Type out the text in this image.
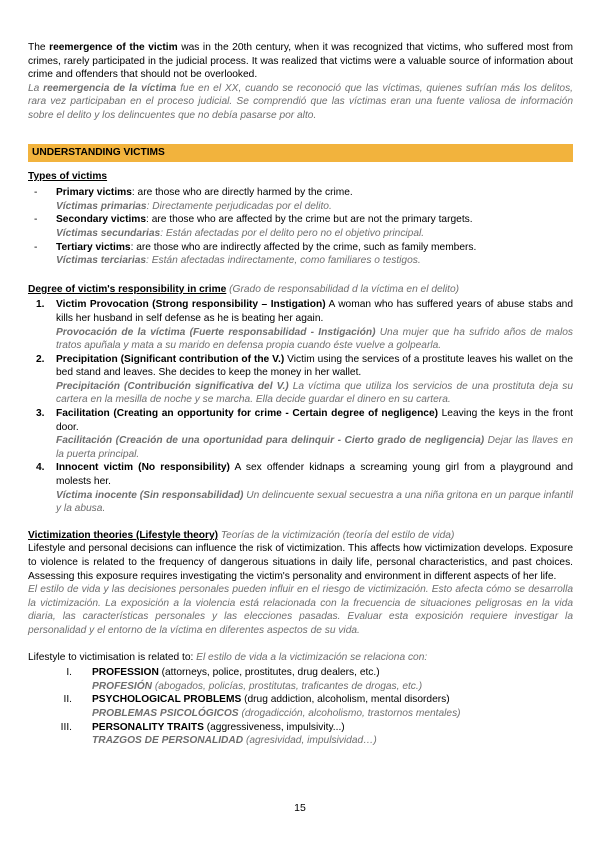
The reemergence of the victim was in the 20th century, when it was recognized that victims, who suffered most from crimes, rarely participated in the judicial process. It was realized that victims were a valuable source of information about crime and offenders that should not be overlooked.

La reemergencia de la víctima fue en el XX, cuando se reconoció que las víctimas, quienes sufrían más los delitos, rara vez participaban en el proceso judicial. Se comprendió que las víctimas eran una fuente valiosa de información sobre el delito y los delincuentes que no debía pasarse por alto.

UNDERSTANDING VICTIMS

Types of victims

- Primary victims: are those who are directly harmed by the crime.
Víctimas primarias: Directamente perjudicadas por el delito.
- Secondary victims: are those who are affected by the crime but are not the primary targets.
Víctimas secundarias: Están afectadas por el delito pero no el objetivo principal.
- Tertiary victims: are those who are indirectly affected by the crime, such as family members.
Víctimas terciarias: Están afectadas indirectamente, como familiares o testigos.

Degree of victim's responsibility in crime (Grado de responsabilidad d la víctima en el delito)

1. Victim Provocation (Strong responsibility – Instigation) A woman who has suffered years of abuse stabs and kills her husband in self defense as he is beating her again.
Provocación de la víctima (Fuerte responsabilidad - Instigación) Una mujer que ha sufrido años de malos tratos apuñala y mata a su marido en defensa propia cuando éste vuelve a golpearla.
2. Precipitation (Significant contribution of the V.) Victim using the services of a prostitute leaves his wallet on the bed stand and leaves. She decides to keep the money in her wallet.
Precipitación (Contribución significativa del V.) La víctima que utiliza los servicios de una prostituta deja su cartera en la mesilla de noche y se marcha. Ella decide guardar el dinero en su cartera.
3. Facilitation (Creating an opportunity for crime - Certain degree of negligence) Leaving the keys in the front door.
Facilitación (Creación de una oportunidad para delinquir - Cierto grado de negligencia) Dejar las llaves en la puerta principal.
4. Innocent victim (No responsibility) A sex offender kidnaps a screaming young girl from a playground and molests her.
Víctima inocente (Sin responsabilidad) Un delincuente sexual secuestra a una niña gritona en un parque infantil y la abusa.

Victimization theories (Lifestyle theory) Teorías de la victimización (teoría del estilo de vida)

Lifestyle and personal decisions can influence the risk of victimization. This affects how victimization develops. Exposure to violence is related to the frequency of dangerous situations in daily life, personal characteristics, and past choices. Assessing this exposure requires investigating the victim's personality and environment in different aspects of her life.

El estilo de vida y las decisiones personales pueden influir en el riesgo de victimización. Esto afecta cómo se desarrolla la victimización. La exposición a la violencia está relacionada con la frecuencia de situaciones peligrosas en la vida diaria, las características personales y las elecciones pasadas. Evaluar esta exposición requiere investigar la personalidad y el entorno de la víctima en diferentes aspectos de su vida.

Lifestyle to victimisation is related to: El estilo de vida a la victimización se relaciona con:

I. PROFESSION (attorneys, police, prostitutes, drug dealers, etc.)
PROFESIÓN (abogados, policías, prostitutas, traficantes de drogas, etc.)
II. PSYCHOLOGICAL PROBLEMS (drug addiction, alcoholism, mental disorders)
PROBLEMAS PSICOLÓGICOS (drogadicción, alcoholismo, trastornos mentales)
III. PERSONALITY TRAITS (aggressiveness, impulsivity...)
TRAZGOS DE PERSONALIDAD (agresividad, impulsividad…)
15
